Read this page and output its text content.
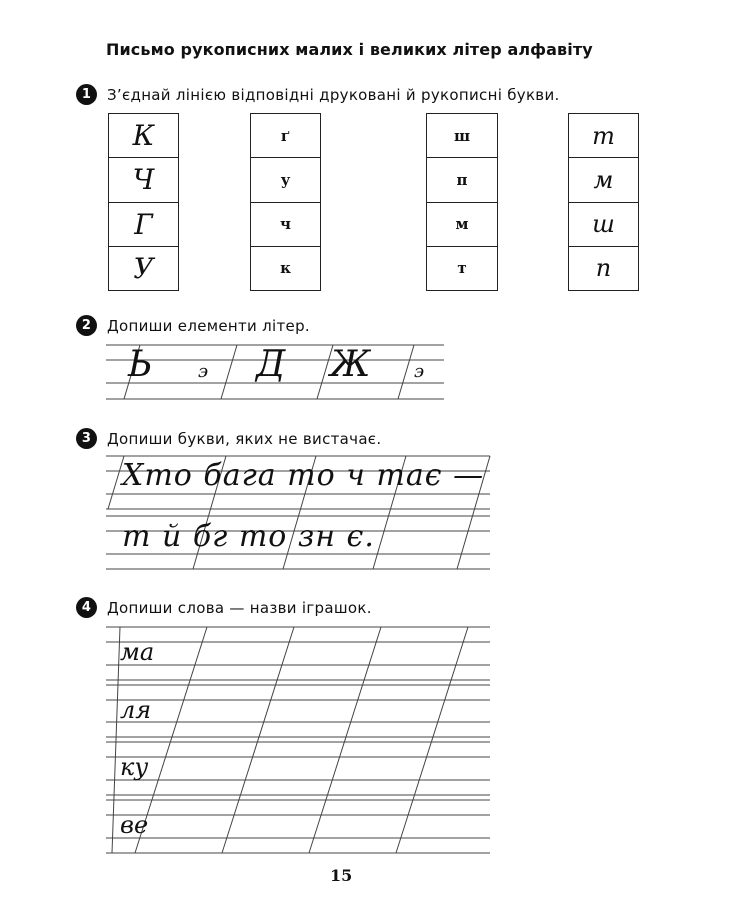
Письмо рукописних малих і великих літер алфавіту
1	З’єднай лінією відповідні друковані й рукописні букви.
К
Ч
Г
У
ґ
у
ч
к
ш
п
м
т
т
м
ш
п
2	Допиши елементи літер.
3	Допиши букви, яких не вистачає.
4	Допиши слова — назви іграшок.
Ь	э Д Ж э
Хто бага то ч тає —
т й бг то зн є.
ма
ля
ку
ве
15
